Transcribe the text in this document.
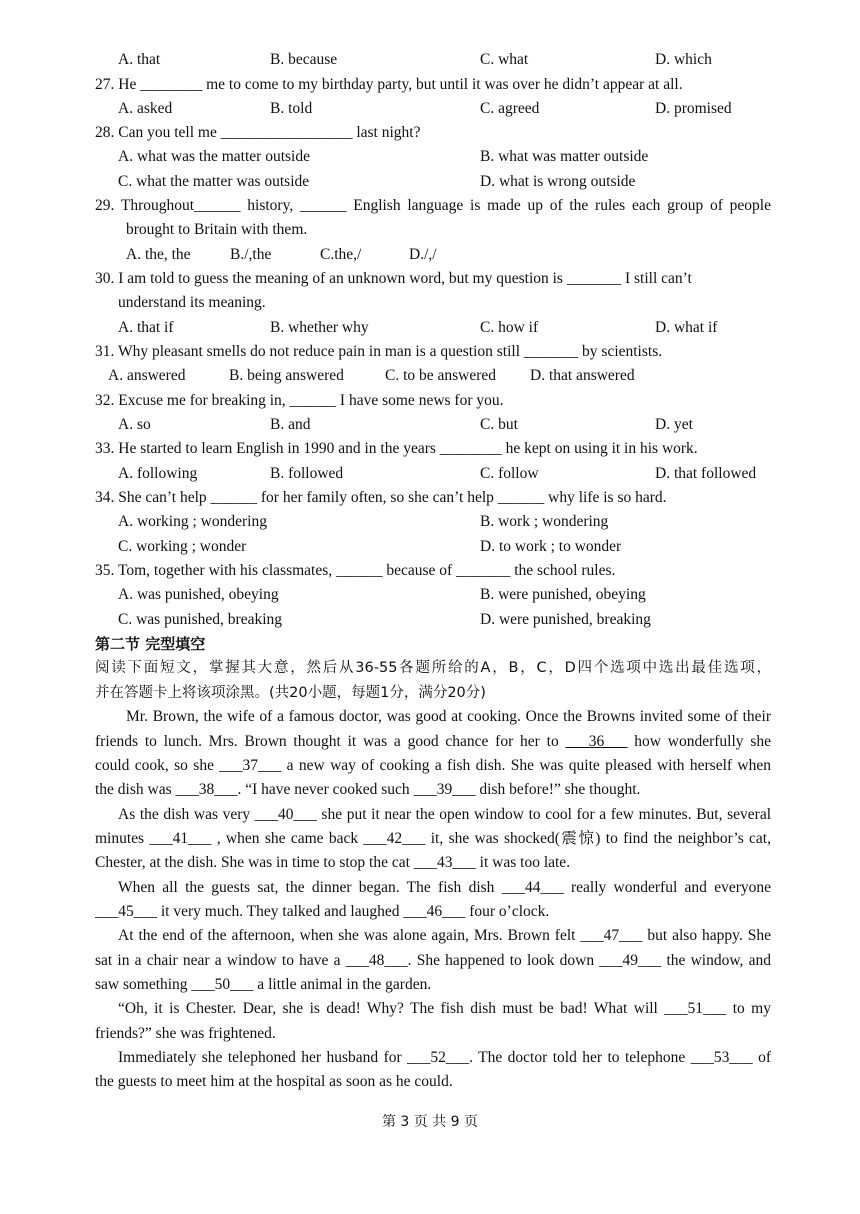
A. that	B. because	C. what	D. which
27. He ________ me to come to my birthday party, but until it was over he didn’t appear at all.
A. asked	B. told	C. agreed	D. promised
28. Can you tell me _________________ last night?
A. what was the matter outside	B. what was matter outside
C. what the matter was outside	D. what is wrong outside
29. Throughout______ history, ______ English language is made up of the rules each group of people
brought to Britain with them.
A. the, the	B./,the	C.the,/	D./,/
30. I am told to guess the meaning of an unknown word, but my question is _______ I still can’t
understand its meaning.
A. that if	B. whether why	C. how if	D. what if
31. Why pleasant smells do not reduce pain in man is a question still _______ by scientists.
A. answered	B. being answered	C. to be answered D. that answered
32. Excuse me for breaking in, ______ I have some news for you.
A. so	B. and	C. but	D. yet
33. He started to learn English in 1990 and in the years ________ he kept on using it in his work.
A. following	B. followed	C. follow	D. that followed
34. She can’t help ______ for her family often, so she can’t help ______ why life is so hard.
A. working ; wondering	B. work ; wondering
C. working ; wonder	D. to work ; to wonder
35. Tom, together with his classmates, ______ because of _______ the school rules.
A. was punished, obeying	B. were punished, obeying
C. was punished, breaking	D. were punished, breaking
第二节 完型填空
阅读下面短文，掌握其大意，然后从36-55各题所给的A，B，C，D四个选项中选出最佳选项，
并在答题卡上将该项涂黑。(共20小题，每题1分，满分20分)
Mr. Brown, the wife of a famous doctor, was good at cooking. Once the Browns invited some of their
friends to lunch. Mrs. Brown thought it was a good chance for her to ___36___ how wonderfully she
could cook, so she ___37___ a new way of cooking a fish dish. She was quite pleased with herself when
the dish was ___38___. “I have never cooked such ___39___ dish before!” she thought.
As the dish was very ___40___ she put it near the open window to cool for a few minutes. But, several
minutes ___41___ , when she came back ___42___ it, she was shocked(震惊) to find the neighbor’s cat,
Chester, at the dish. She was in time to stop the cat ___43___ it was too late.
When all the guests sat, the dinner began. The fish dish ___44___ really wonderful and everyone
___45___ it very much. They talked and laughed ___46___ four o’clock.
At the end of the afternoon, when she was alone again, Mrs. Brown felt ___47___ but also happy. She
sat in a chair near a window to have a ___48___. She happened to look down ___49___ the window, and
saw something ___50___ a little animal in the garden.
“Oh, it is Chester. Dear, she is dead! Why? The fish dish must be bad! What will ___51___ to my
friends?” she was frightened.
Immediately she telephoned her husband for ___52___. The doctor told her to telephone ___53___ of
the guests to meet him at the hospital as soon as he could.
第 3 页 共 9 页
